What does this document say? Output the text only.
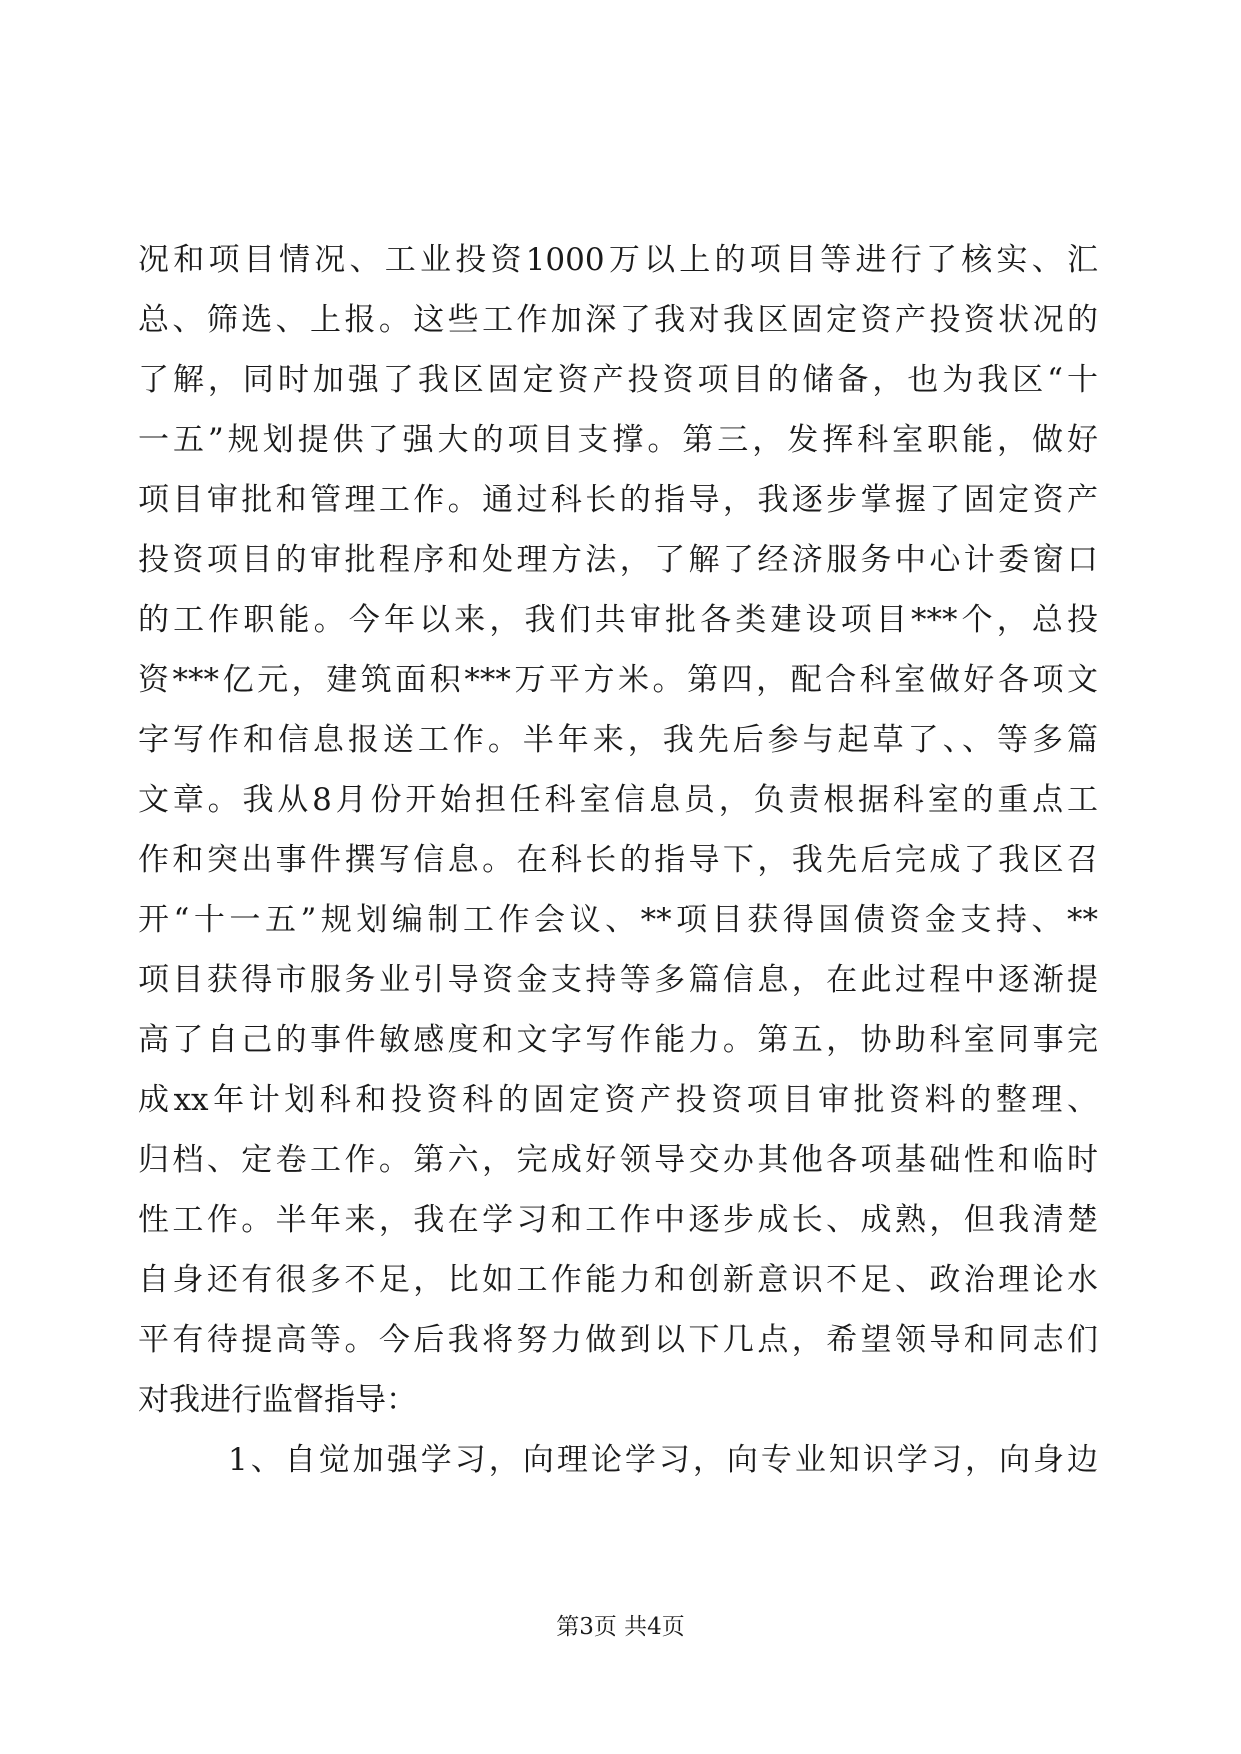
况和项目情况、工业投资1000万以上的项目等进行了核实、汇
总、筛选、上报。这些工作加深了我对我区固定资产投资状况的
了解，同时加强了我区固定资产投资项目的储备，也为我区“十
一五”规划提供了强大的项目支撑。第三，发挥科室职能，做好
项目审批和管理工作。通过科长的指导，我逐步掌握了固定资产
投资项目的审批程序和处理方法，了解了经济服务中心计委窗口
的工作职能。今年以来，我们共审批各类建设项目***个，总投
资***亿元，建筑面积***万平方米。第四，配合科室做好各项文
字写作和信息报送工作。半年来，我先后参与起草了、、等多篇
文章。我从8月份开始担任科室信息员，负责根据科室的重点工
作和突出事件撰写信息。在科长的指导下，我先后完成了我区召
开“十一五”规划编制工作会议、**项目获得国债资金支持、**
项目获得市服务业引导资金支持等多篇信息，在此过程中逐渐提
高了自己的事件敏感度和文字写作能力。第五，协助科室同事完
成xx年计划科和投资科的固定资产投资项目审批资料的整理、
归档、定卷工作。第六，完成好领导交办其他各项基础性和临时
性工作。半年来，我在学习和工作中逐步成长、成熟，但我清楚
自身还有很多不足，比如工作能力和创新意识不足、政治理论水
平有待提高等。今后我将努力做到以下几点，希望领导和同志们
对我进行监督指导：
1、自觉加强学习，向理论学习，向专业知识学习，向身边
第3页 共4页
